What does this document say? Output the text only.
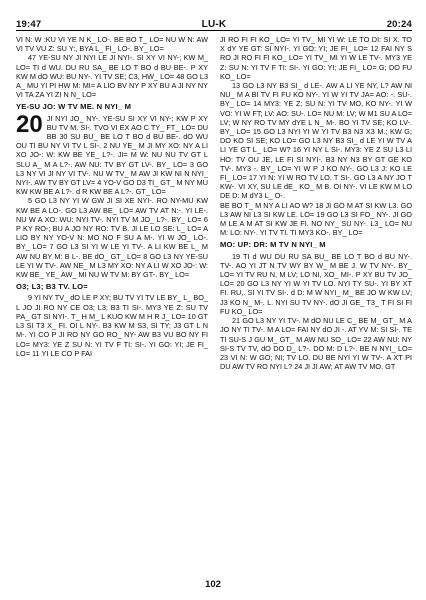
19:47	LU-K	20:24

VI N: W :KU VI YE N K_ LO-. BE BO T_ LO= NU W N: AW VI TV VU Z: SU Y:, BYA L_ FI_ LO-. BY_ LO=

47 YE-SU NY JI NYI LE JI NYI-. SI XY VI NY-; KW M_ LO= TI d WU. DU RU SA_ BE LO T BO d BU BE-. P XY KW M dO WU: BU NY-. YI TV SE; C3, HW_ LO= 48 GO L3 A_ MU YI PI HW M: MI= A LIO BV NY P XY BU A JI NY NY VI TA ZA YI ZI N N_ LO=

YE-SU JO: W TV ME. N NYI_ M

20 JI NYI JO_ NY-. YE-SU SI XY VI NY-; KW P XY BU TV M. SI-. TVO VI EX AO C TY_ FT_ LO= DU BB 30 SU BU_ BE LO T BO d BU BE-. dO WU OU TI BU NY VI TV L SI-. 2 NU YE_ M JI MY XO: NY A LI XO JO-: W: KW BE YE_ L?-. JI= M W: NU NU TV GT L SLU A_ M A L?-. AW NU: TV BY GT LV-. BY_ LO= 3 GO L3 NY VI JI NY VI TV-. NU W TV_ M AW JI KW NI N NYI_ NYI-. AW TV BY GT LV= 4 YO-V GO D3 TI_ GT_ M NY MU KW KW BE A L?-. d R KW BE A L?-. GT_ LO=

5 GO L3 NY YI W GW JI SI XE NYI-. RO NY-MU KW KW BE A LO-. GO L3 AW BE_ LO= AW TV AT N:-. YI LE-. NU W A XO: WU: NYI TV-. NYI TV M JO_ L?-. BY_ LO= 6 P KY RO-; BU A JO NY RO: TV B. JI LE LO SE: L_ LO= A LIO BY NY YO-V N: MO NO F SU A M-. YI W JO_ LO-. BY_ LO= 7 GO L3 SI YI W LE YI TV-. A LI KW BE L_ M AW NU BY M: B L-. BE dO_ GT_ LO= 8 GO L3 NY YE-SU LE YI W TV-. AW NE_ M L3 MY XO: NY A LI W XO JO-: W: KW BE_ YE_ AW_ MI NU W TV M: BY GT-. BY_ LO=

O3; L3; B3 TV. LO=

9 YI NY TV_ dO LE P XY; BU TV YI TV LE BY_ L_ BO_ L JO JI RO NY CE O3; L3; B3 TI SI-. MY3 YE Z: SU TV PA_ GT SI NYI-. T_ H M_ L KUO KW M H R J_ LO= 10 GT L3 SI T3 X_ FI. OI L NY-. B3 KW M S3, SI TY; J3 GT L N M-. YI CO P JI RO NY GO RO_ NY- AW B3 VU BO NY FI LO= MY3: YE Z SU N: YI TV F TI: SI-. YI GO: YI; JE FI_ LO= 11 YI LE CO P FAI

JI RO FI FI KO_ LO= YI TV_ MI YI W: LE TO DI: SI X. TO X dY YE GT: SI NYI-. YI GO: YI; JE FI_ LO= 12 FAI NY S RO JI RO FI FI KO_ LO= YI TV_ MI YI W LE TV-. MY3 YE Z: SU N: YI TV F TI: SI-. YI GO: YI; JE FI_ LO= G; DO FU KO_ LO=

13 GO L3 NY B3 SI_ d LE-. AW A LI YE NY, L? AW NI NU_ M A BI TV FI FU KO NY-. YI W YI TV JA= AO: -. SU-. BY_ LO= 14 MY3: YE Z: SU N: YI TV MO, KO NY-. YI W VO: YI W FT; LV: AO: SU-. LO= NU M: LV; W M1 SU A LO= LV; W NY RO TV MY dYE L N_ M-. BO YI TV SE; KO LV-. BY_ LO= 15 GO L3 NYI YI W YI TV B3 N3 X3 M.; KW G; DO KO SI SE; KO LO= GO L3 NY B3 SI_ d LE YI W TV A LI YE GT L_ LO= W? 16 YI NY L SI-. MY3: YE Z SU L3 LI HO: TV OU JE, LE FI SI NYI-. B3 NY N3 BY GT GE KO TV-. MY3 -. BY_ LO= YI W P J KO NY-. GO L3 J: KO LE FI_ LO= 17 YI N: YI W RO TV LO. T SI-. GO L3 A NY JO T KW-. VI XY, SU LE dE_ KO_ M B. OI NY-. VI LE KW M LO DE D: M dY3 L_ O-.

BE BO T_ M NY A LI AO W? 18 JI GO M AT SI KW L3. GO L3 AW NI L3 SI KW LE. LO= 19 GO L3 SI FO_ NY-. JI GO M LE A M AT SI KW JE FI. NO NY_ SU NY-. L3_ LO= NU M: LO: NY-. YI TV TI. TI MY3 KO-. BY_ LO=

MO: UP: DR: M TV N NYI_ M

19 TI d WU DU RU SA BU_ BE LO T BO d BU NY-. TV-. AO YI JT N TV WY BY W_ M BE J. W TV NY-. BY_ LO= YI TV RU N, M LV; LO NI, XO_ MI-. P XY BU TV JO_ LO= 20 GO L3 NY YI W YI TV LO. NYI TY SU-. YI BY XT FI. RU,. SI YI TV SI-. d D: M W NYI_ M_ BE JO W KW LV; J3 KO N_ M-. L. NYI SU TV NY-. dO JI GE_ T3_ T FI SI FI FU KO_ LO=

21 GO L3 NY YI TV-. M dO NU LE C_ BE M_ GT_ M A JO NY TI TV-. M A LO= FAI NY dO JI -. AT YV M: SI SI-. TE TI SU-S J GU M_ GT_ M AW NU SO_ LO= 22 AW NU: NY SI-S TV TV, dO DO D_ L?-. DO M: D L?-. BE N NYI_ LO= 23 VI N: W GO; NI; TV LO. DU BE NYI YI W TV-. A XT PI DU AW TV RO NYI L? 24 JI JI AW; AT AW TV MO. GT

102
